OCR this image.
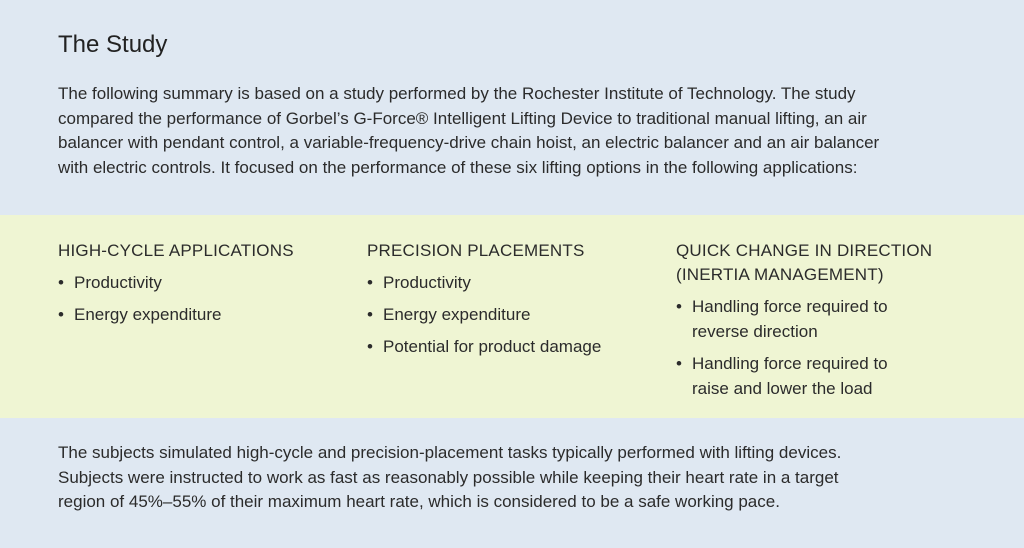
The Study
The following summary is based on a study performed by the Rochester Institute of Technology. The study
compared the performance of Gorbel’s G-Force® Intelligent Lifting Device to traditional manual lifting, an air
balancer with pendant control, a variable-frequency-drive chain hoist, an electric balancer and an air balancer
with electric controls. It focused on the performance of these six lifting options in the following applications:
HIGH-CYCLE APPLICATIONS
• Productivity
• Energy expenditure
PRECISION PLACEMENTS
• Productivity
• Energy expenditure
• Potential for product damage
QUICK CHANGE IN DIRECTION (INERTIA MANAGEMENT)
• Handling force required to reverse direction
• Handling force required to raise and lower the load
The subjects simulated high-cycle and precision-placement tasks typically performed with lifting devices.
Subjects were instructed to work as fast as reasonably possible while keeping their heart rate in a target
region of 45%–55% of their maximum heart rate, which is considered to be a safe working pace.
